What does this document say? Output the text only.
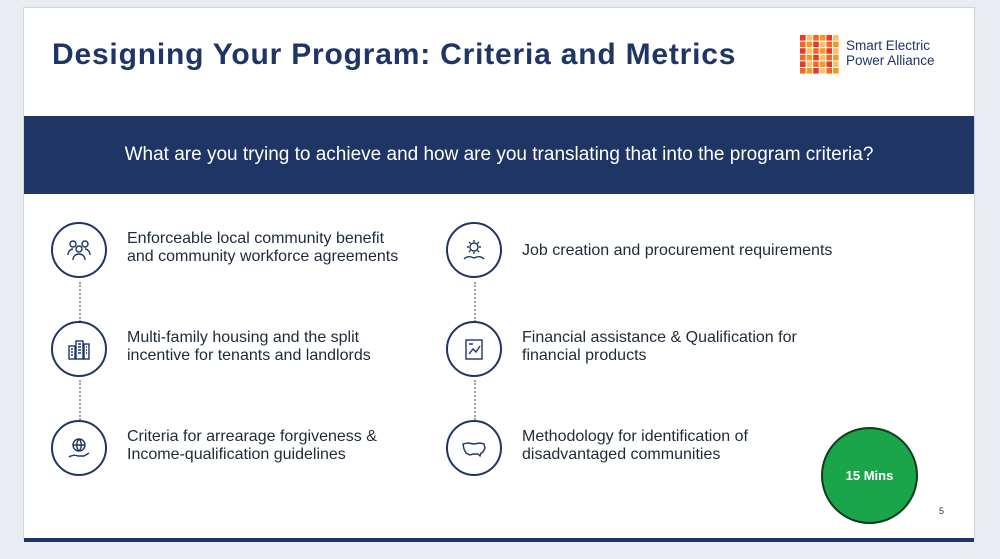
Designing Your Program: Criteria and Metrics	Smart Electric
Power Alliance
What are you trying to achieve and how are you translating that into the program criteria?
Enforceable local community benefit
and community workforce agreements	Job creation and procurement requirements
Multi-family housing and the split
incentive for tenants and landlords
Financial assistance & Qualification for
financial products
Criteria for arrearage forgiveness &
Income-qualification guidelines
Methodology for identification of
disadvantaged communities
15 Mins
5
